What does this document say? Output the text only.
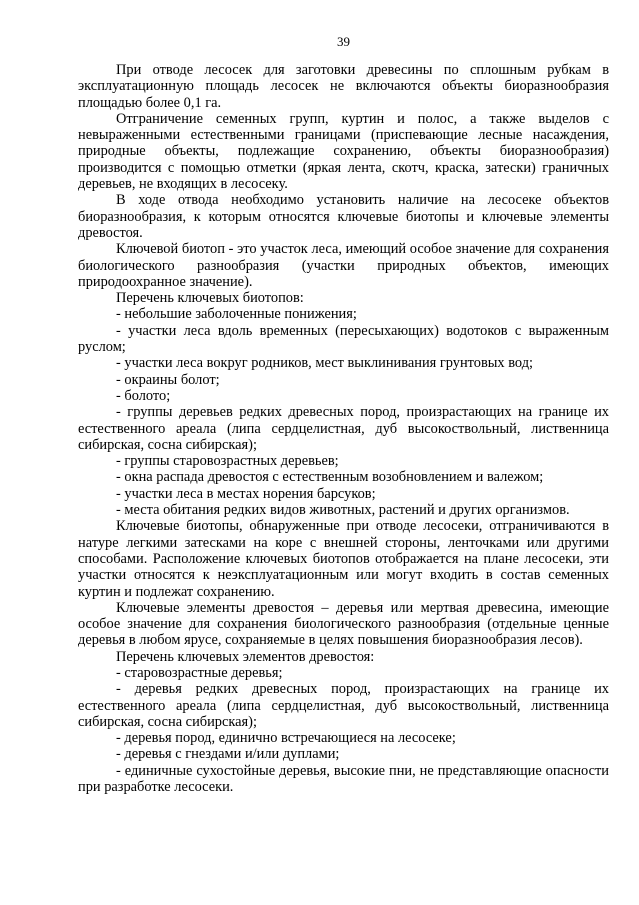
39

При отводе лесосек для заготовки древесины по сплошным рубкам в эксплуатационную площадь лесосек не включаются объекты биоразнообразия площадью более 0,1 га.

Отграничение семенных групп, куртин и полос, а также выделов с невыраженными естественными границами (приспевающие лесные насаждения, природные объекты, подлежащие сохранению, объекты биоразнообразия) производится с помощью отметки (яркая лента, скотч, краска, затески) граничных деревьев, не входящих в лесосеку.

В ходе отвода необходимо установить наличие на лесосеке объектов биоразнообразия, к которым относятся ключевые биотопы и ключевые элементы древостоя.

Ключевой биотоп - это участок леса, имеющий особое значение для сохранения биологического разнообразия (участки природных объектов, имеющих природоохранное значение).

Перечень ключевых биотопов:

- небольшие заболоченные понижения;

- участки леса вдоль временных (пересыхающих) водотоков с выраженным руслом;

- участки леса вокруг родников, мест выклинивания грунтовых вод;

- окраины болот;

- болото;

- группы деревьев редких древесных пород, произрастающих на границе их естественного ареала (липа сердцелистная, дуб высокоствольный, лиственница сибирская, сосна сибирская);

- группы старовозрастных деревьев;

- окна распада древостоя с естественным возобновлением и валежом;

- участки леса в местах норения барсуков;

- места обитания редких видов животных, растений и других организмов.

Ключевые биотопы, обнаруженные при отводе лесосеки, отграничиваются в натуре легкими затесками на коре с внешней стороны, ленточками или другими способами. Расположение ключевых биотопов отображается на плане лесосеки, эти участки относятся к неэксплуатационным или могут входить в состав семенных куртин и подлежат сохранению.

Ключевые элементы древостоя – деревья или мертвая древесина, имеющие особое значение для сохранения биологического разнообразия (отдельные ценные деревья в любом ярусе, сохраняемые в целях повышения биоразнообразия лесов).

Перечень ключевых элементов древостоя:

- старовозрастные деревья;

- деревья редких древесных пород, произрастающих на границе их естественного ареала (липа сердцелистная, дуб высокоствольный, лиственница сибирская, сосна сибирская);

- деревья пород, единично встречающиеся на лесосеке;

- деревья с гнездами и/или дуплами;

- единичные сухостойные деревья, высокие пни, не представляющие опасности при разработке лесосеки.
